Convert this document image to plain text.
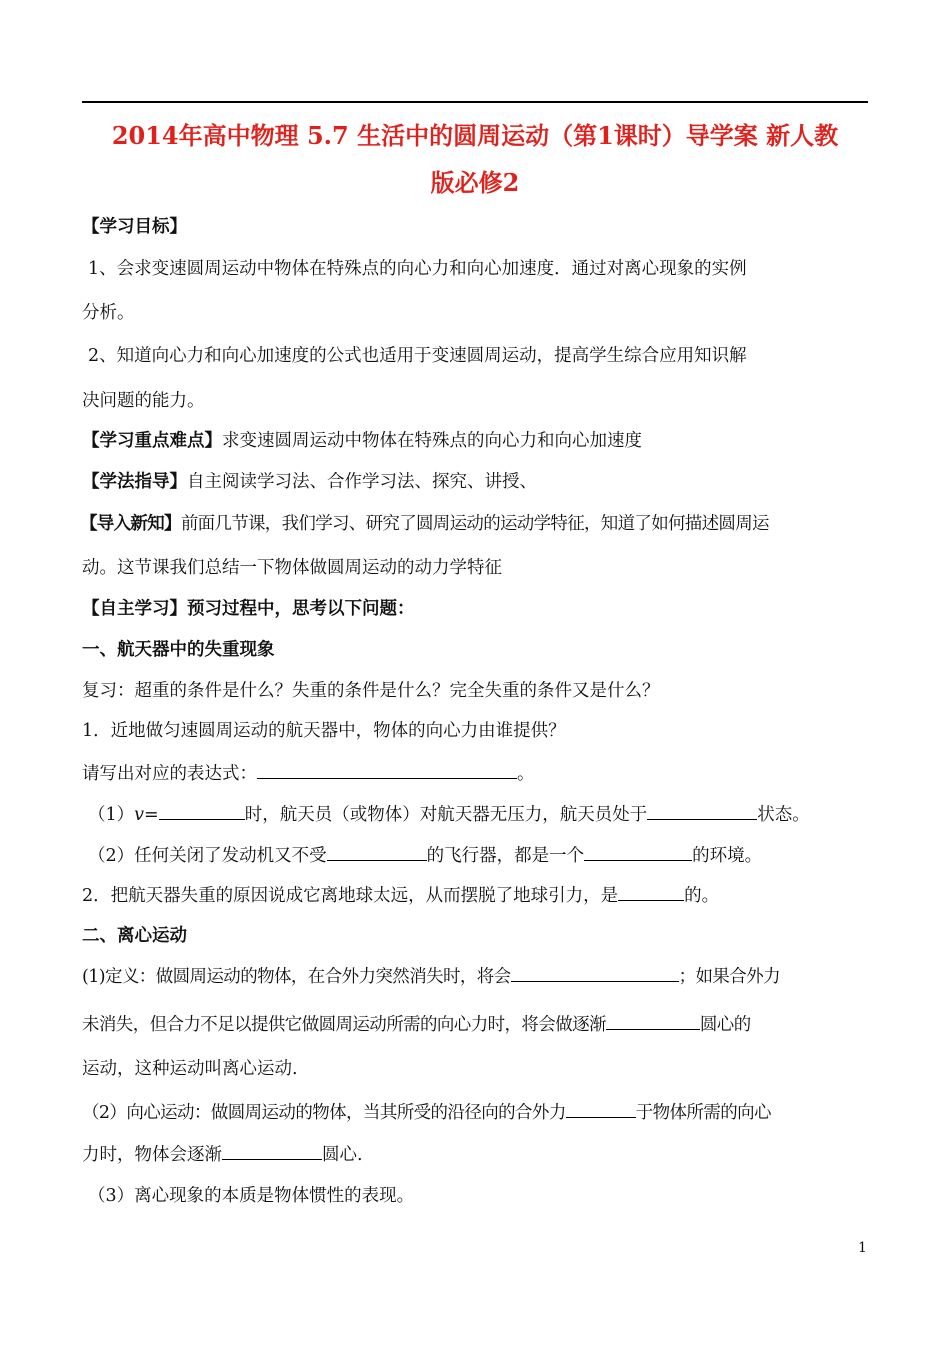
2014年高中物理 5.7 生活中的圆周运动（第1课时）导学案 新人教
版必修2
【学习目标】
1、会求变速圆周运动中物体在特殊点的向心力和向心加速度．通过对离心现象的实例
分析。
2、知道向心力和向心加速度的公式也适用于变速圆周运动，提高学生综合应用知识解
决问题的能力。
【学习重点难点】求变速圆周运动中物体在特殊点的向心力和向心加速度
【学法指导】自主阅读学习法、合作学习法、探究、讲授、
【导入新知】前面几节课，我们学习、研究了圆周运动的运动学特征，知道了如何描述圆周运
动。这节课我们总结一下物体做圆周运动的动力学特征
【自主学习】预习过程中，思考以下问题：
一、航天器中的失重现象
复习：超重的条件是什么？失重的条件是什么？完全失重的条件又是什么？
1．近地做匀速圆周运动的航天器中，物体的向心力由谁提供？
请写出对应的表达式：	。
（1）v=	时，航天员（或物体）对航天器无压力，航天员处于	状态。
（2）任何关闭了发动机又不受	的飞行器，都是一个	的环境。
2．把航天器失重的原因说成它离地球太远，从而摆脱了地球引力，是	的。
二、离心运动
(1)定义：做圆周运动的物体，在合外力突然消失时，将会	；如果合外力
未消失，但合力不足以提供它做圆周运动所需的向心力时，将会做逐渐	圆心的
运动，这种运动叫离心运动.
（2）向心运动：做圆周运动的物体，当其所受的沿径向的合外力	于物体所需的向心
力时，物体会逐渐	圆心.
（3）离心现象的本质是物体惯性的表现。
1
